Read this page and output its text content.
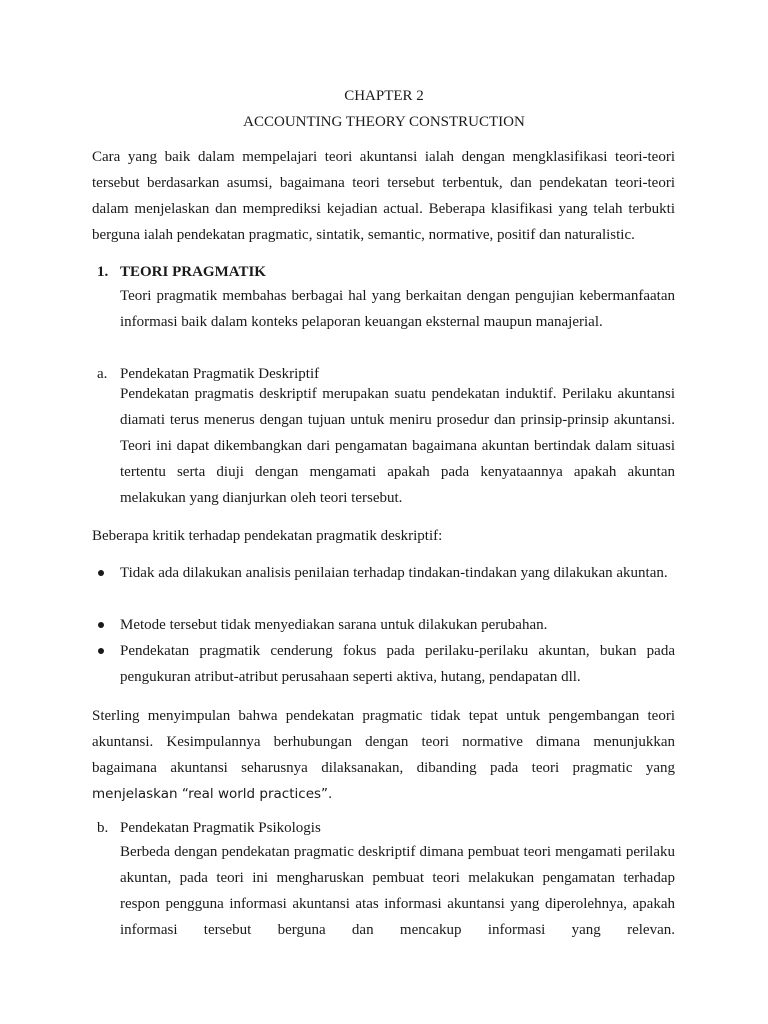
CHAPTER 2
ACCOUNTING THEORY CONSTRUCTION

Cara yang baik dalam mempelajari teori akuntansi ialah dengan mengklasifikasi teori-teori tersebut berdasarkan asumsi, bagaimana teori tersebut terbentuk, dan pendekatan teori-teori dalam menjelaskan dan memprediksi kejadian actual. Beberapa klasifikasi yang telah terbukti berguna ialah pendekatan pragmatic, sintatik, semantic, normative, positif dan naturalistic.

1. TEORI PRAGMATIK

Teori pragmatik membahas berbagai hal yang berkaitan dengan pengujian kebermanfaatan informasi baik dalam konteks pelaporan keuangan eksternal maupun manajerial.

a. Pendekatan Pragmatik Deskriptif

Pendekatan pragmatis deskriptif merupakan suatu pendekatan induktif. Perilaku akuntansi diamati terus menerus dengan tujuan untuk meniru prosedur dan prinsip-prinsip akuntansi. Teori ini dapat dikembangkan dari pengamatan bagaimana akuntan bertindak dalam situasi tertentu serta diuji dengan mengamati apakah pada kenyataannya apakah akuntan melakukan yang dianjurkan oleh teori tersebut.

Beberapa kritik terhadap pendekatan pragmatik deskriptif:

Tidak ada dilakukan analisis penilaian terhadap tindakan-tindakan yang dilakukan akuntan.

Metode tersebut tidak menyediakan sarana untuk dilakukan perubahan.

Pendekatan pragmatik cenderung fokus pada perilaku-perilaku akuntan, bukan pada pengukuran atribut-atribut perusahaan seperti aktiva, hutang, pendapatan dll.

Sterling menyimpulan bahwa pendekatan pragmatic tidak tepat untuk pengembangan teori

akuntansi. Kesimpulannya berhubungan dengan teori normative dimana menunjukkan

bagaimana akuntansi seharusnya dilaksanakan, dibanding pada teori pragmatic yang

menjelaskan “real world practices”.

b. Pendekatan Pragmatik Psikologis

Berbeda dengan pendekatan pragmatic deskriptif dimana pembuat teori mengamati perilaku akuntan, pada teori ini mengharuskan pembuat teori melakukan pengamatan terhadap respon pengguna informasi akuntansi atas informasi akuntansi yang diperolehnya, apakah informasi tersebut berguna dan mencakup informasi yang relevan.
